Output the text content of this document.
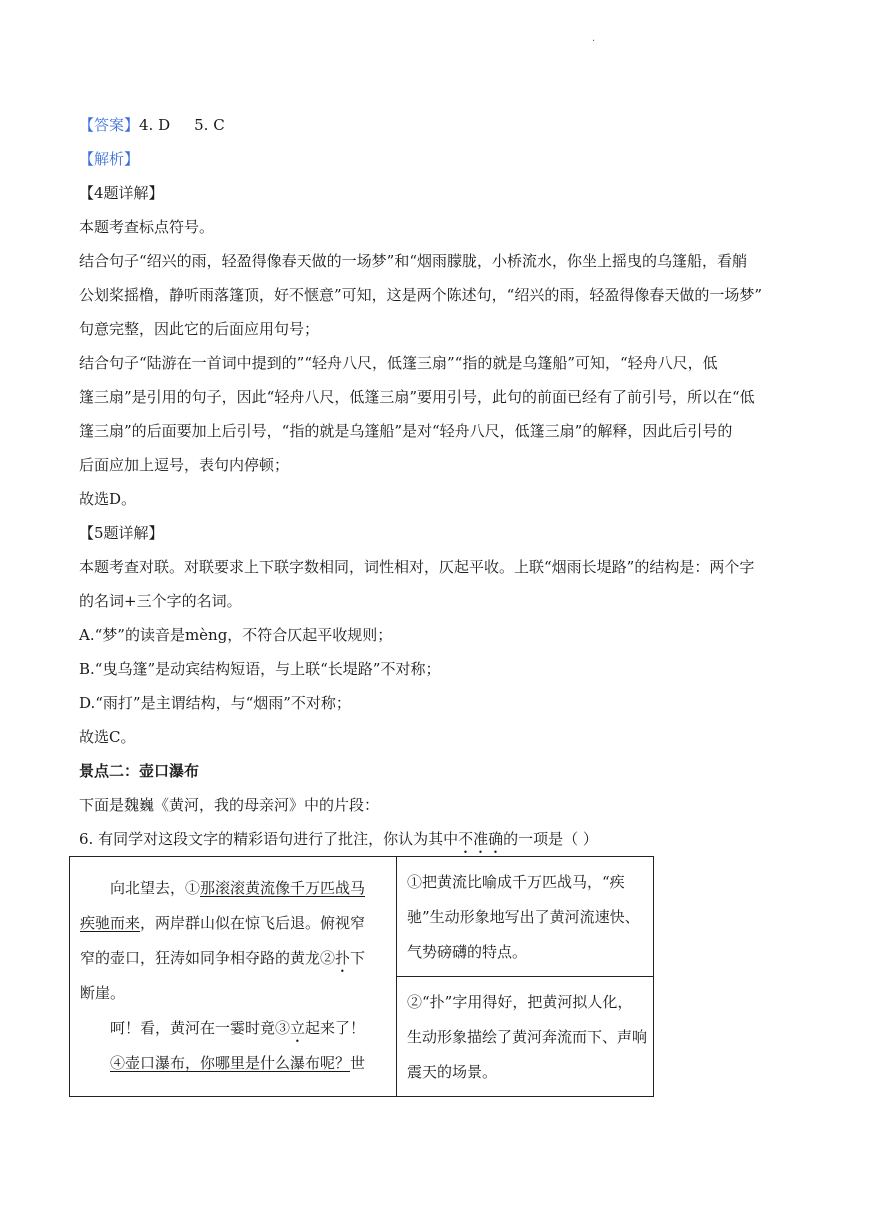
.
【答案】4. D 5. C
【解析】
【4题详解】
本题考查标点符号。
结合句子“绍兴的雨，轻盈得像春天做的一场梦”和“烟雨朦胧，小桥流水，你坐上摇曳的乌篷船，看艄
公划桨摇橹，静听雨落篷顶，好不惬意”可知，这是两个陈述句，“绍兴的雨，轻盈得像春天做的一场梦”
句意完整，因此它的后面应用句号；
结合句子“陆游在一首词中提到的”“轻舟八尺，低篷三扇”“指的就是乌篷船”可知，“轻舟八尺，低
篷三扇”是引用的句子，因此“轻舟八尺，低篷三扇”要用引号，此句的前面已经有了前引号，所以在“低
篷三扇”的后面要加上后引号，“指的就是乌篷船”是对“轻舟八尺，低篷三扇”的解释，因此后引号的
后面应加上逗号，表句内停顿；
故选D。
【5题详解】
本题考查对联。对联要求上下联字数相同，词性相对，仄起平收。上联“烟雨长堤路”的结构是：两个字
的名词+三个字的名词。
A.“梦”的读音是mèng，不符合仄起平收规则；
B.“曳乌篷”是动宾结构短语，与上联“长堤路”不对称；
D.“雨打”是主谓结构，与“烟雨”不对称；
故选C。
景点二：壶口瀑布
下面是魏巍《黄河，我的母亲河》中的片段：
6. 有同学对这段文字的精彩语句进行了批注，你认为其中不准确的一项是（ ）
向北望去，①那滚滚黄流像千万匹战马
疾驰而来，两岸群山似在惊飞后退。俯视窄
窄的壶口，狂涛如同争相夺路的黄龙②扑下
断崖。
呵！看，黄河在一霎时竟③立起来了！
④壶口瀑布，你哪里是什么瀑布呢？世

①把黄流比喻成千万匹战马，“疾
驰”生动形象地写出了黄河流速快、
气势磅礴的特点。

②“扑”字用得好，把黄河拟人化，
生动形象描绘了黄河奔流而下、声响
震天的场景。
